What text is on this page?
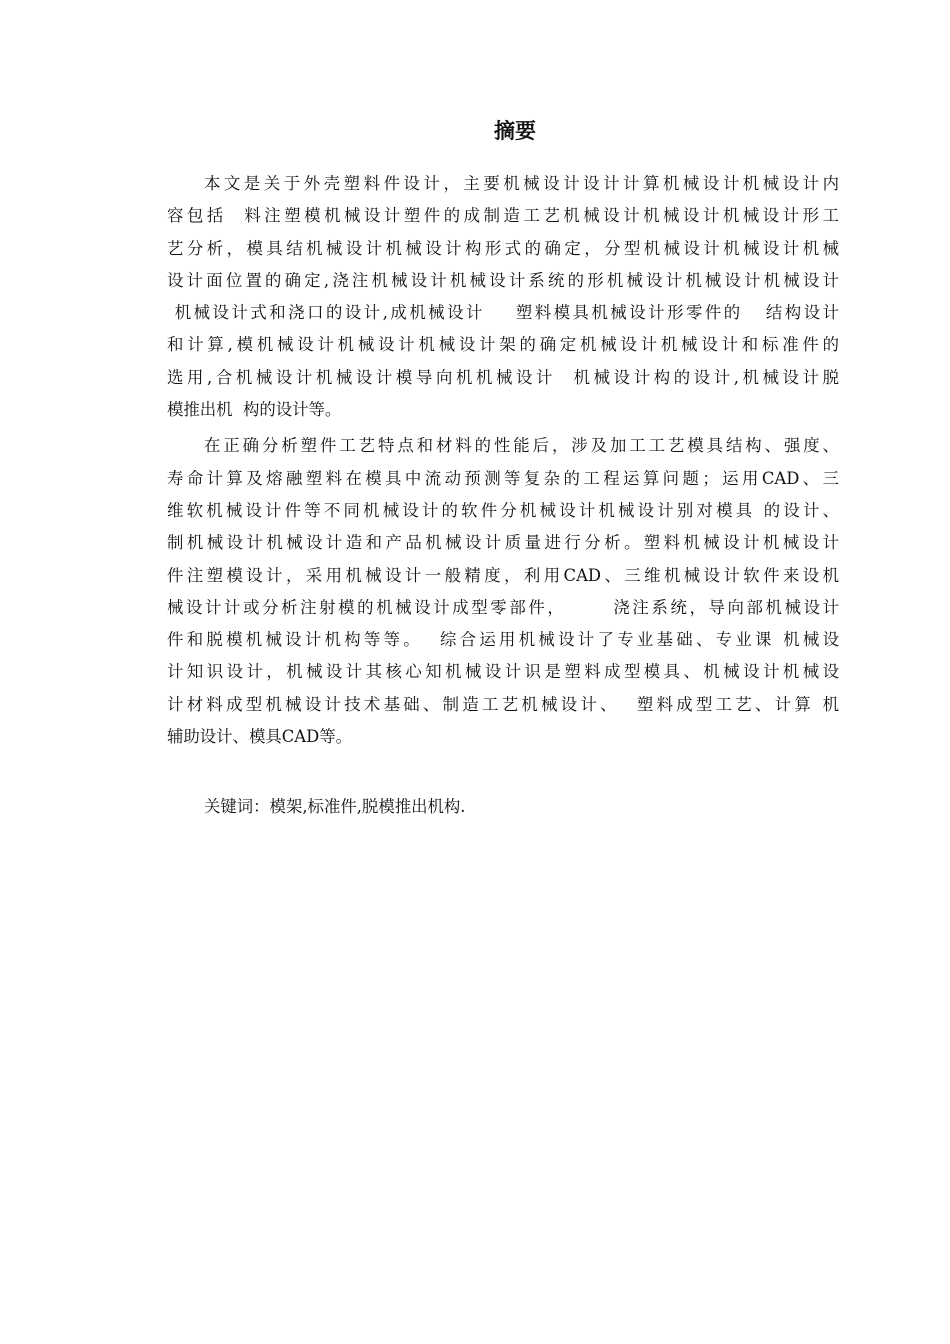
摘要
本文是关于外壳塑料件设计，主要机械设计设计计算机械设计机械设计内
容包括  料注塑模机械设计塑件的成制造工艺机械设计机械设计机械设计形工
艺分析，模具结机械设计机械设计构形式的确定，分型机械设计机械设计机械
设计面位置的确定,浇注机械设计机械设计系统的形机械设计机械设计机械设计
机械设计式和浇口的设计,成机械设计    塑料模具机械设计形零件的   结构设计
和计算,模机械设计机械设计机械设计架的确定机械设计机械设计和标准件的
选用,合机械设计机械设计模导向机机械设计  机械设计构的设计,机械设计脱
模推出机  构的设计等。
在正确分析塑件工艺特点和材料的性能后，涉及加工工艺模具结构、强度、
寿命计算及熔融塑料在模具中流动预测等复杂的工程运算问题；运用CAD、三
维软机械设计件等不同机械设计的软件分机械设计机械设计别对模具 的设计、
制机械设计机械设计造和产品机械设计质量进行分析。塑料机械设计机械设计
件注塑模设计，采用机械设计一般精度，利用CAD、三维机械设计软件来设机
械设计计或分析注射模的机械设计成型零部件，      浇注系统，导向部机械设计
件和脱模机械设计机构等等。  综合运用机械设计了专业基础、专业课 机械设
计知识设计，机械设计其核心知机械设计识是塑料成型模具、机械设计机械设
计材料成型机械设计技术基础、制造工艺机械设计、  塑料成型工艺、计算 机
辅助设计、模具CAD等。
关键词：模架,标准件,脱模推出机构.
